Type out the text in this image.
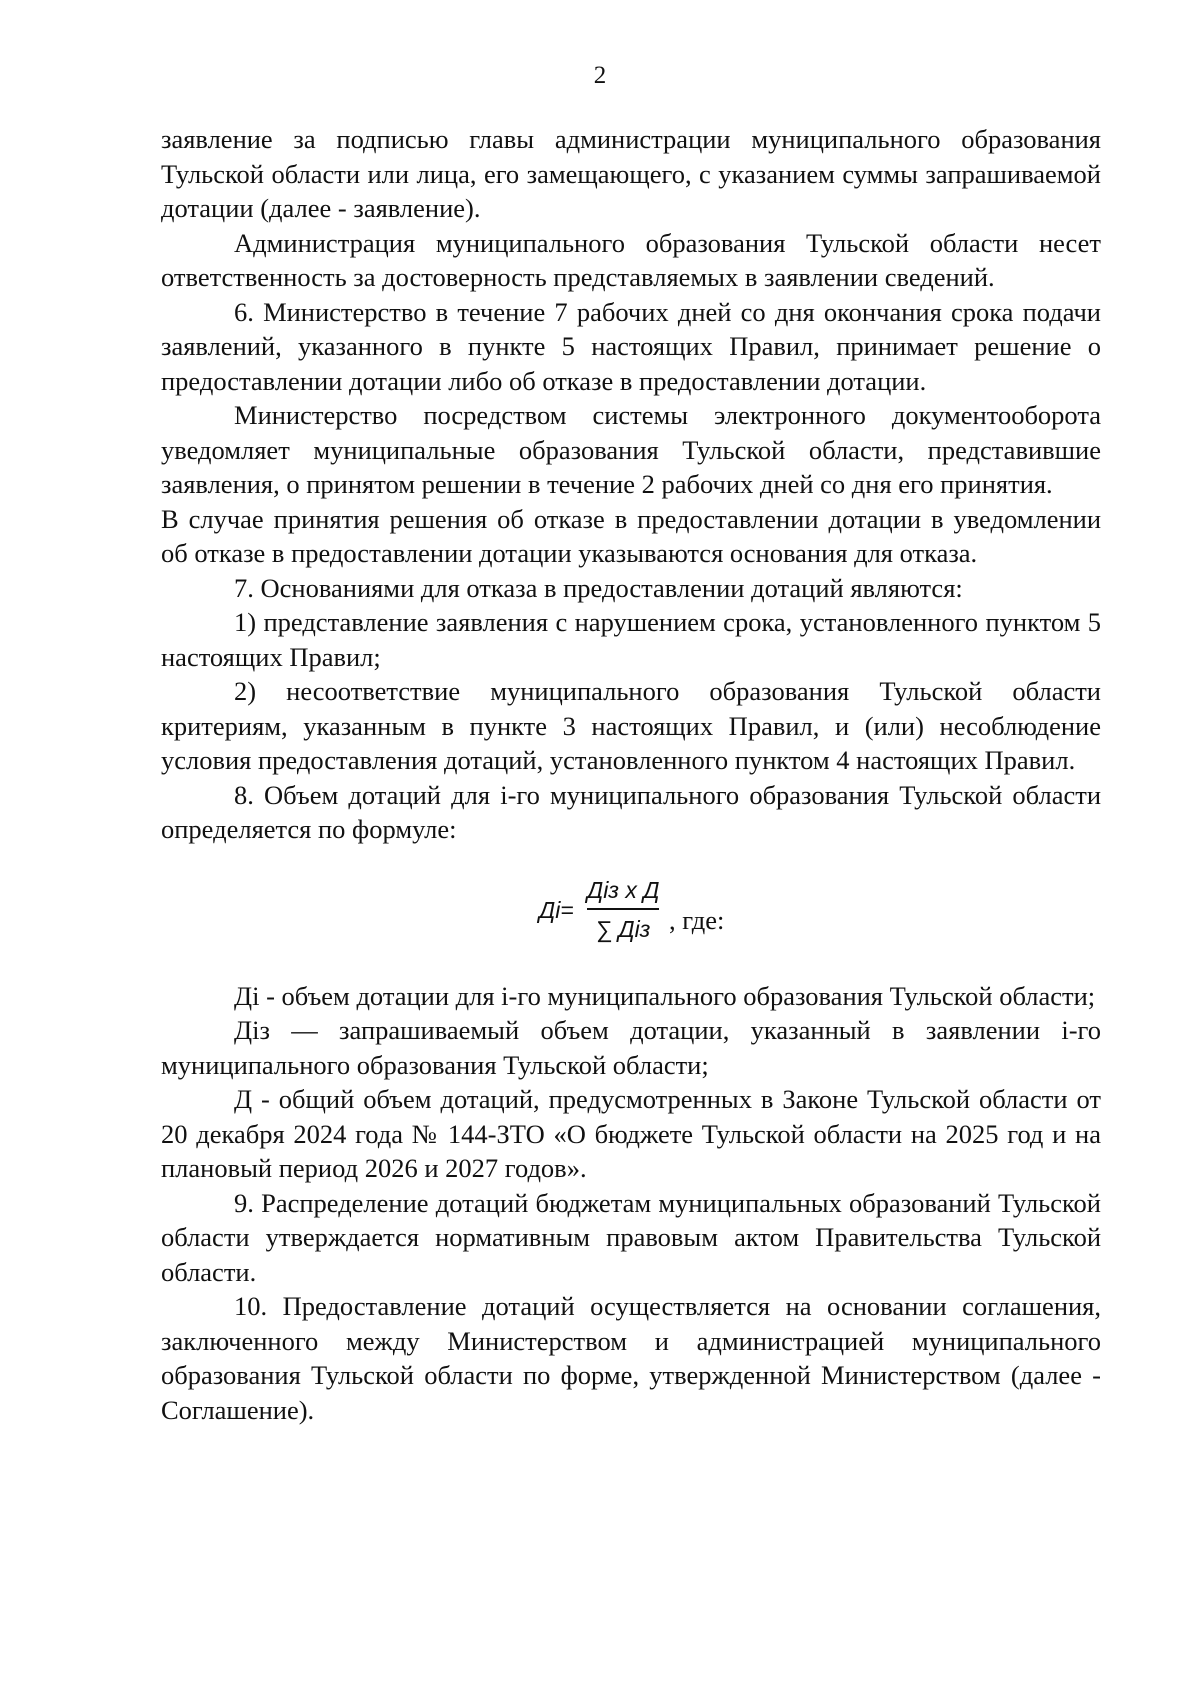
2

заявление за подписью главы администрации муниципального образования Тульской области или лица, его замещающего, с указанием суммы запрашиваемой дотации (далее - заявление).

Администрация муниципального образования Тульской области несет ответственность за достоверность представляемых в заявлении сведений.

6. Министерство в течение 7 рабочих дней со дня окончания срока подачи заявлений, указанного в пункте 5 настоящих Правил, принимает решение о предоставлении дотации либо об отказе в предоставлении дотации.

Министерство посредством системы электронного документооборота уведомляет муниципальные образования Тульской области, представившие заявления, о принятом решении в течение 2 рабочих дней со дня его принятия.

В случае принятия решения об отказе в предоставлении дотации в уведомлении об отказе в предоставлении дотации указываются основания для отказа.

7. Основаниями для отказа в предоставлении дотаций являются:

1) представление заявления с нарушением срока, установленного пунктом 5 настоящих Правил;

2) несоответствие муниципального образования Тульской области критериям, указанным в пункте 3 настоящих Правил, и (или) несоблюдение условия предоставления дотаций, установленного пунктом 4 настоящих Правил.

8. Объем дотаций для i-го муниципального образования Тульской области определяется по формуле:

Дi=
Дiз x Д
∑ Дiз , где:

Дi - объем дотации для i-го муниципального образования Тульской области;

Дiз — запрашиваемый объем дотации, указанный в заявлении i-го муниципального образования Тульской области;

Д - общий объем дотаций, предусмотренных в Законе Тульской области от 20 декабря 2024 года № 144-ЗТО «О бюджете Тульской области на 2025 год и на плановый период 2026 и 2027 годов».

9. Распределение дотаций бюджетам муниципальных образований Тульской области утверждается нормативным правовым актом Правительства Тульской области.

10. Предоставление дотаций осуществляется на основании соглашения, заключенного между Министерством и администрацией муниципального образования Тульской области по форме, утвержденной Министерством (далее - Соглашение).
